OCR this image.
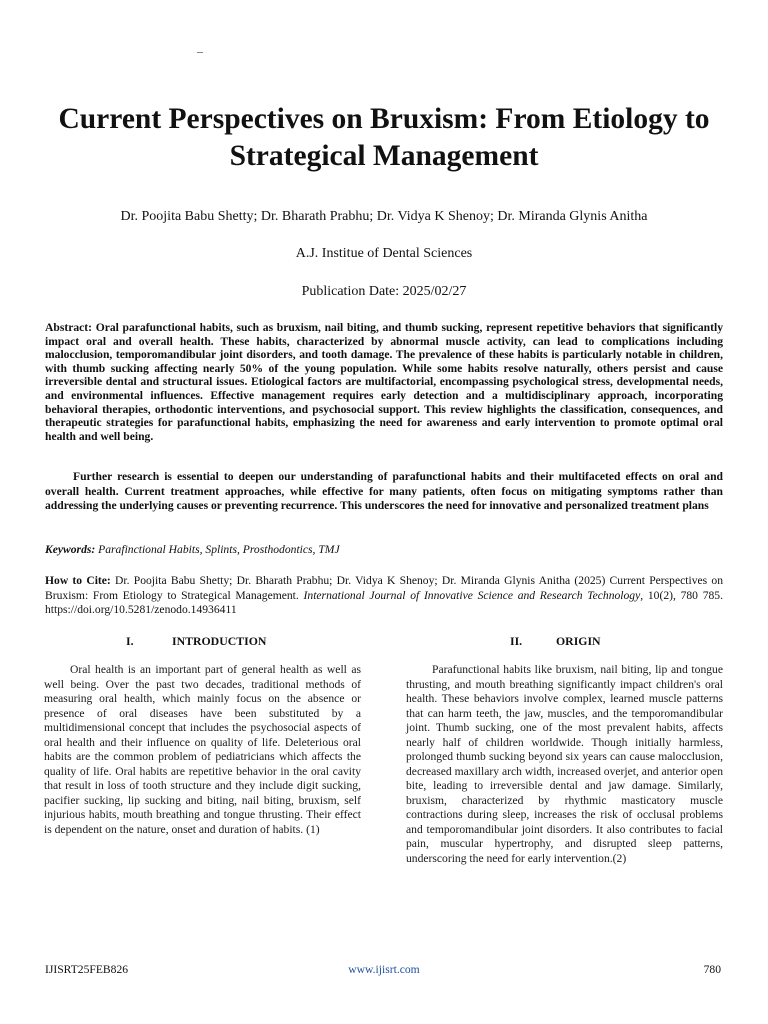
–
Current Perspectives on Bruxism: From Etiology to Strategical Management
Dr. Poojita Babu Shetty; Dr. Bharath Prabhu; Dr. Vidya K Shenoy; Dr. Miranda Glynis Anitha
A.J. Institue of Dental Sciences
Publication Date: 2025/02/27

Abstract: Oral parafunctional habits, such as bruxism, nail biting, and thumb sucking, represent repetitive behaviors that significantly impact oral and overall health. These habits, characterized by abnormal muscle activity, can lead to complications including malocclusion, temporomandibular joint disorders, and tooth damage. The prevalence of these habits is particularly notable in children, with thumb sucking affecting nearly 50% of the young population. While some habits resolve naturally, others persist and cause irreversible dental and structural issues. Etiological factors are multifactorial, encompassing psychological stress, developmental needs, and environmental influences. Effective management requires early detection and a multidisciplinary approach, incorporating behavioral therapies, orthodontic interventions, and psychosocial support. This review highlights the classification, consequences, and therapeutic strategies for parafunctional habits, emphasizing the need for awareness and early intervention to promote optimal oral health and well being.

Further research is essential to deepen our understanding of parafunctional habits and their multifaceted effects on oral and overall health. Current treatment approaches, while effective for many patients, often focus on mitigating symptoms rather than addressing the underlying causes or preventing recurrence. This underscores the need for innovative and personalized treatment plans

Keywords: Parafinctional Habits, Splints, Prosthodontics, TMJ

How to Cite: Dr. Poojita Babu Shetty; Dr. Bharath Prabhu; Dr. Vidya K Shenoy; Dr. Miranda Glynis Anitha (2025) Current Perspectives on Bruxism: From Etiology to Strategical Management. International Journal of Innovative Science and Research Technology, 10(2), 780 785. https://doi.org/10.5281/zenodo.14936411

I.	INTRODUCTION	II.	ORIGIN

Oral health is an important part of general health as well as well being. Over the past two decades, traditional methods of measuring oral health, which mainly focus on the absence or presence of oral diseases have been substituted by a multidimensional concept that includes the psychosocial aspects of oral health and their influence on quality of life. Deleterious oral habits are the common problem of pediatricians which affects the quality of life. Oral habits are repetitive behavior in the oral cavity that result in loss of tooth structure and they include digit sucking, pacifier sucking, lip sucking and biting, nail biting, bruxism, self injurious habits, mouth breathing and tongue thrusting. Their effect is dependent on the nature, onset and duration of habits. (1)

Parafunctional habits like bruxism, nail biting, lip and tongue thrusting, and mouth breathing significantly impact children's oral health. These behaviors involve complex, learned muscle patterns that can harm teeth, the jaw, muscles, and the temporomandibular joint. Thumb sucking, one of the most prevalent habits, affects nearly half of children worldwide. Though initially harmless, prolonged thumb sucking beyond six years can cause malocclusion, decreased maxillary arch width, increased overjet, and anterior open bite, leading to irreversible dental and jaw damage. Similarly, bruxism, characterized by rhythmic masticatory muscle contractions during sleep, increases the risk of occlusal problems and temporomandibular joint disorders. It also contributes to facial pain, muscular hypertrophy, and disrupted sleep patterns, underscoring the need for early intervention.(2)

IJISRT25FEB826	www.ijisrt.com	780
